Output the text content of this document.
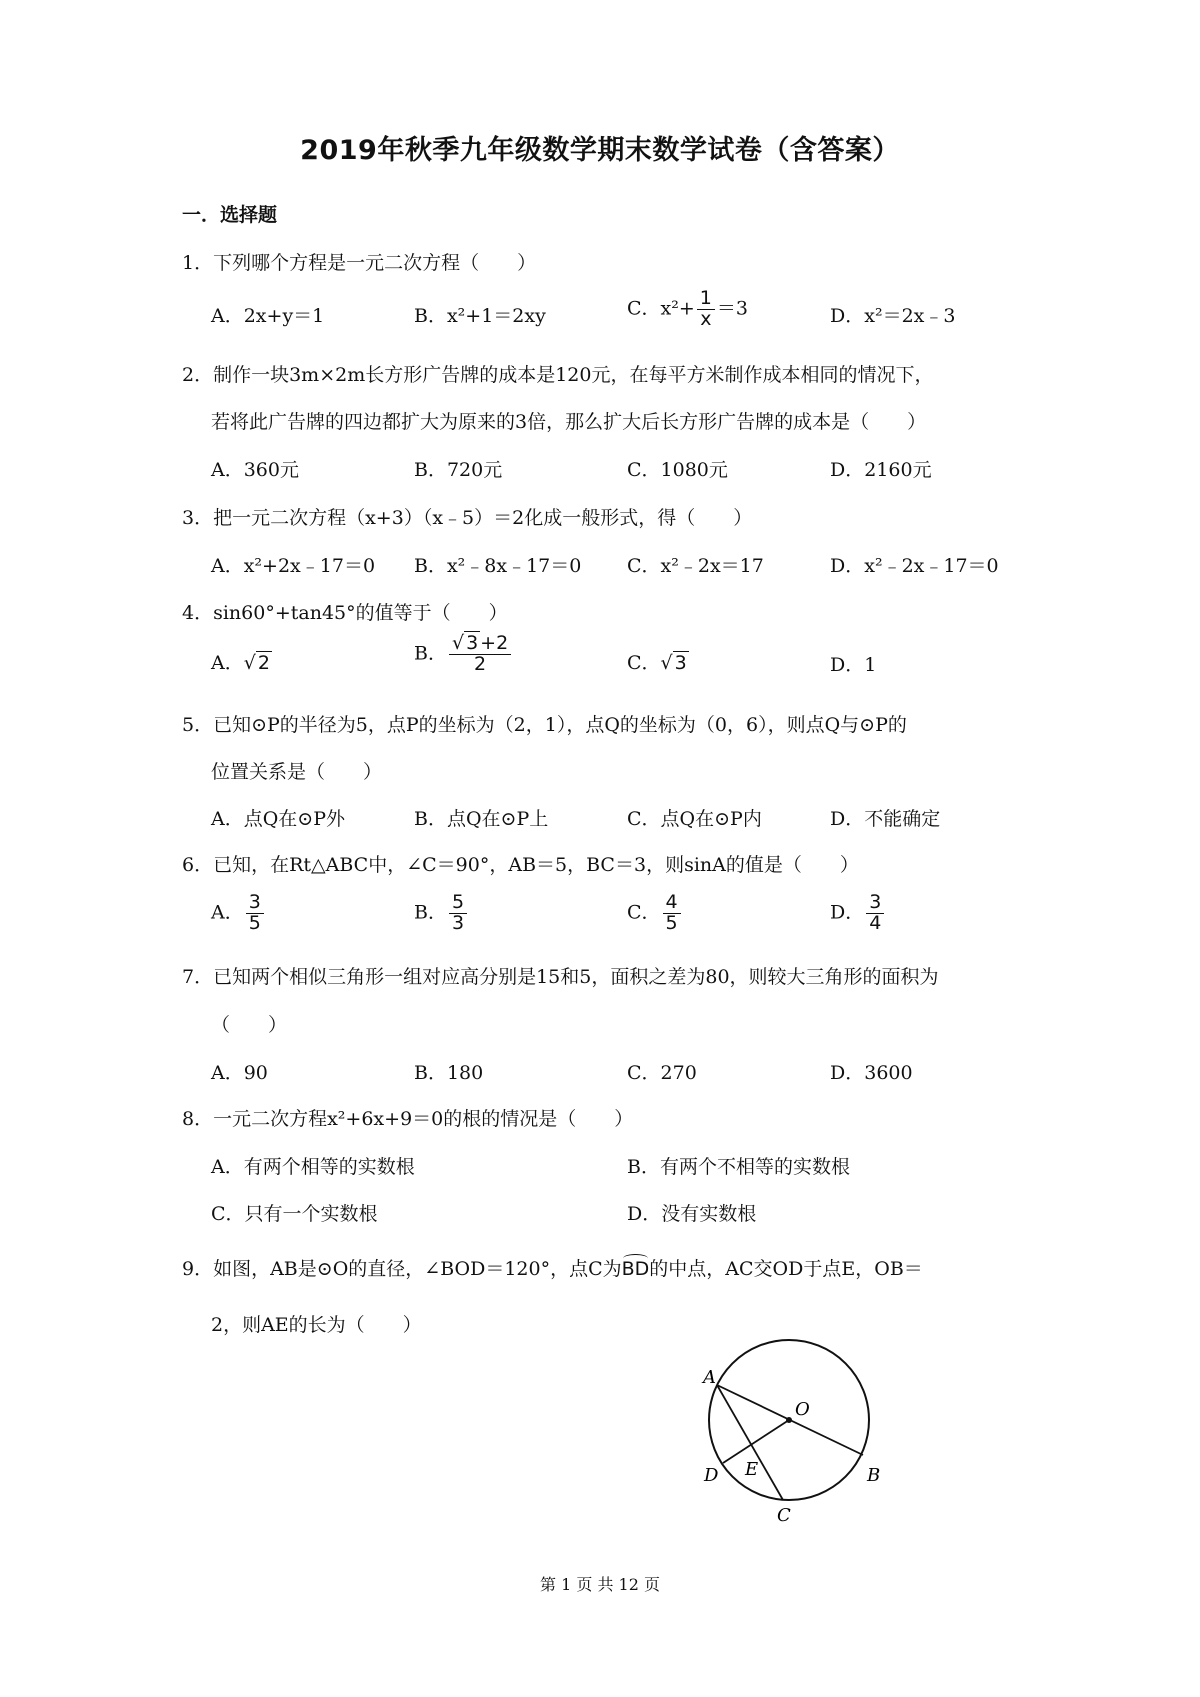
2019年秋季九年级数学期末数学试卷（含答案）
一．选择题
1．下列哪个方程是一元二次方程（　　）
A．2x+y＝1	B．x²+1＝2xy	C．$x^2+ \frac{1}{x} =3$	D．x²＝2x﹣3
2．制作一块3m×2m长方形广告牌的成本是120元，在每平方米制作成本相同的情况下，
若将此广告牌的四边都扩大为原来的3倍，那么扩大后长方形广告牌的成本是（　　）
A．360元	B．720元	C．1080元	D．2160元
3．把一元二次方程（x+3）（x﹣5）＝2化成一般形式，得（　　）
A．x²+2x﹣17＝0 B．x²﹣8x﹣17＝0 C．x²﹣2x＝17	D．x²﹣2x﹣17＝0
4．sin60°+tan45°的值等于（　　）
A．√ 2	B． $\frac{√ 3 +2}{2}$	C．√ 3	D．1
5．已知⊙P的半径为5，点P的坐标为（2，1），点Q的坐标为（0，6），则点Q与⊙P的
位置关系是（　　）
A．点Q在⊙P外	B．点Q在⊙P上	C．点Q在⊙P内	D．不能确定
6．已知，在Rt△ABC中，∠C＝90°，AB＝5，BC＝3，则sinA的值是（　　）
A． $\frac{3}{5}$	B． $\frac{5}{3}$	C． $\frac{4}{5}$	D． $\frac{3}{4}$
7．已知两个相似三角形一组对应高分别是15和5，面积之差为80，则较大三角形的面积为
（　　）
A．90	B．180	C．270	D．3600
8．一元二次方程x²+6x+9＝0的根的情况是（　　）
A．有两个相等的实数根	B．有两个不相等的实数根
C．只有一个实数根	D．没有实数根
9．如图，AB是⊙O的直径，∠BOD＝120°，点C为BD的中点，AC交OD于点E，OB＝
2，则AE的长为（　　）
A
O
D E	B
C
第 1 页 共 12 页
